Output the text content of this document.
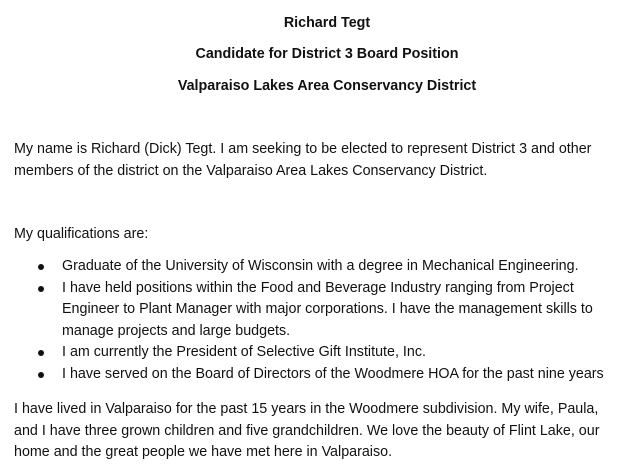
Richard Tegt
Candidate for District 3 Board Position
Valparaiso Lakes Area Conservancy District
My name is Richard (Dick) Tegt. I am seeking to be elected to represent District 3 and other
members of the district on the Valparaiso Area Lakes Conservancy District.
My qualifications are:
Graduate of the University of Wisconsin with a degree in Mechanical Engineering.
I have held positions within the Food and Beverage Industry ranging from Project
Engineer to Plant Manager with major corporations. I have the management skills to
manage projects and large budgets.
I am currently the President of Selective Gift Institute, Inc.
I have served on the Board of Directors of the Woodmere HOA for the past nine years
I have lived in Valparaiso for the past 15 years in the Woodmere subdivision. My wife, Paula,
and I have three grown children and five grandchildren. We love the beauty of Flint Lake, our
home and the great people we have met here in Valparaiso.
